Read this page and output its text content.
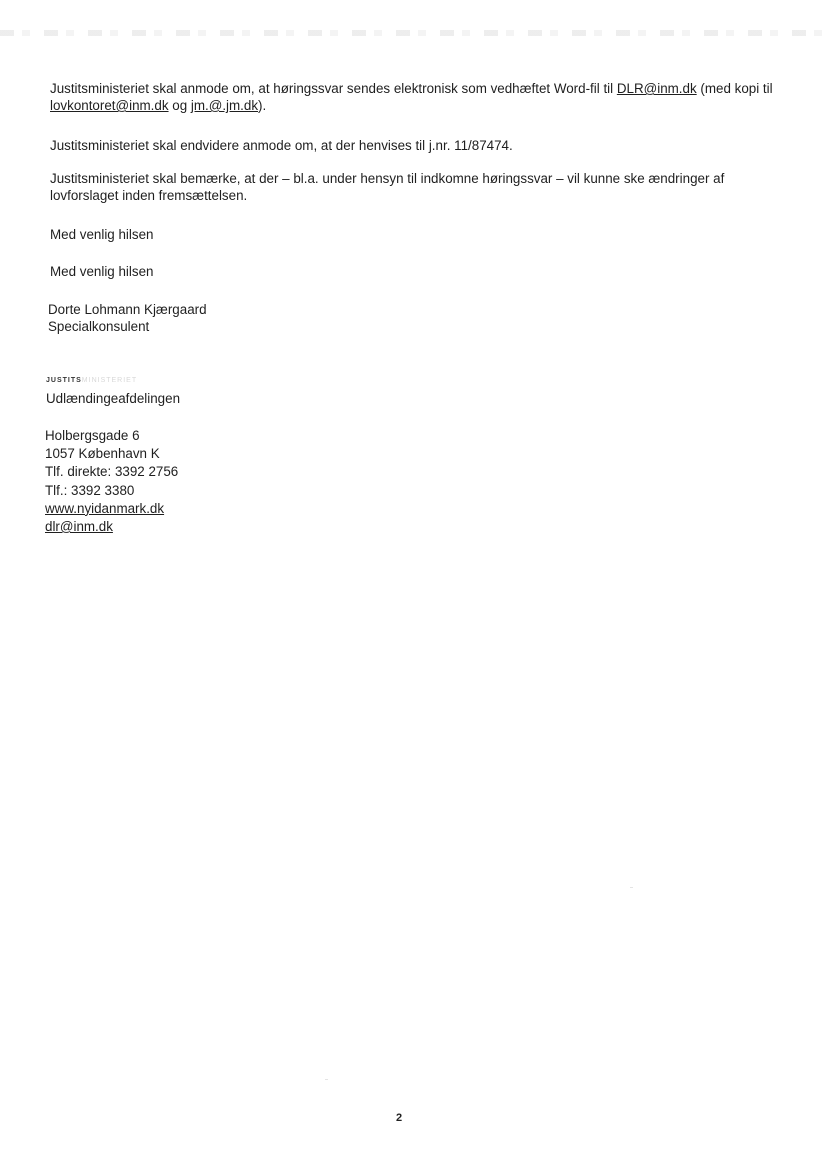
Justitsministeriet skal anmode om, at høringssvar sendes elektronisk som vedhæftet Word-fil til DLR@inm.dk (med kopi til lovkontoret@inm.dk og jm.@.jm.dk).
Justitsministeriet skal endvidere anmode om, at der henvises til j.nr. 11/87474.
Justitsministeriet skal bemærke, at der – bl.a. under hensyn til indkomne høringssvar – vil kunne ske ændringer af lovforslaget inden fremsættelsen.
Med venlig hilsen
Med venlig hilsen
Dorte Lohmann Kjærgaard
Specialkonsulent
JUSTITSMINISTERIET
Udlændingeafdelingen
Holbergsgade 6
1057 København K
Tlf. direkte: 3392 2756
Tlf.: 3392 3380
www.nyidanmark.dk
dlr@inm.dk
2
